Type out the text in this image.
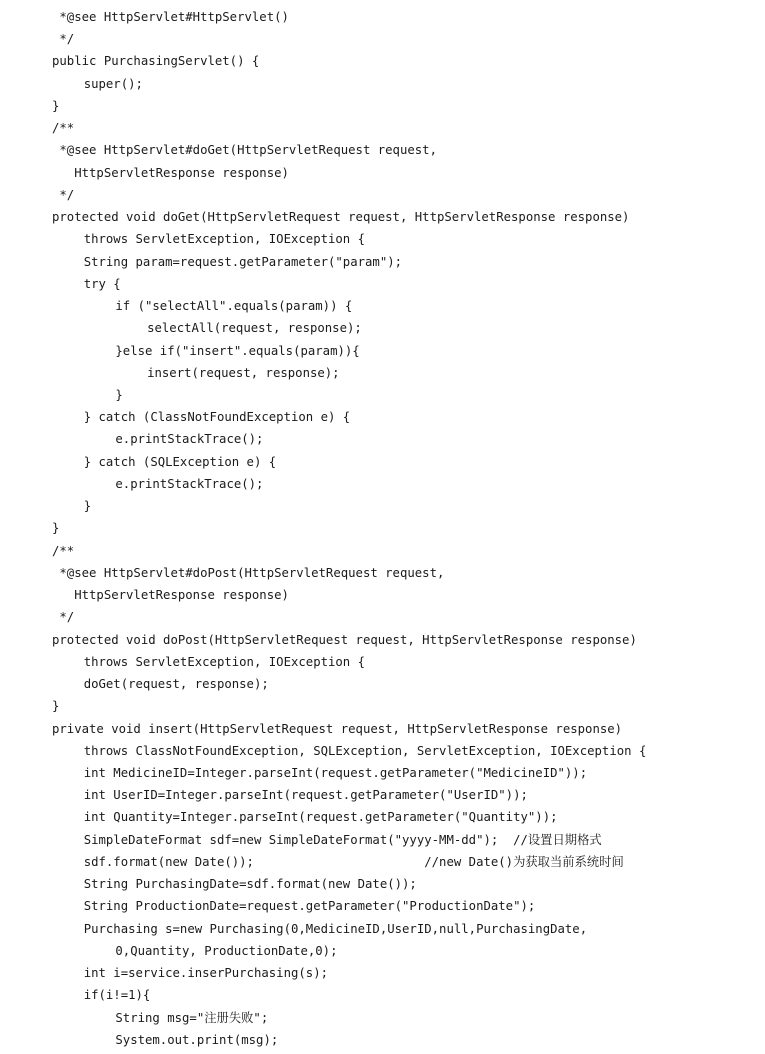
*@see HttpServlet#HttpServlet()
*/
public PurchasingServlet() {
super();
}
/**
*@see HttpServlet#doGet(HttpServletRequest request,
HttpServletResponse response)
*/
protected void doGet(HttpServletRequest request, HttpServletResponse response)
throws ServletException, IOException {
String param=request.getParameter("param");
try {
if ("selectAll".equals(param)) {
selectAll(request, response);
}else if("insert".equals(param)){
insert(request, response);
}
} catch (ClassNotFoundException e) {
e.printStackTrace();
} catch (SQLException e) {
e.printStackTrace();
}
}
/**
*@see HttpServlet#doPost(HttpServletRequest request,
HttpServletResponse response)
*/
protected void doPost(HttpServletRequest request, HttpServletResponse response)
throws ServletException, IOException {
doGet(request, response);
}
private void insert(HttpServletRequest request, HttpServletResponse response)
throws ClassNotFoundException, SQLException, ServletException, IOException {
int MedicineID=Integer.parseInt(request.getParameter("MedicineID"));
int UserID=Integer.parseInt(request.getParameter("UserID"));
int Quantity=Integer.parseInt(request.getParameter("Quantity"));
SimpleDateFormat sdf=new SimpleDateFormat("yyyy-MM-dd");  //设置日期格式
sdf.format(new Date());                       //new Date()为获取当前系统时间
String PurchasingDate=sdf.format(new Date());
String ProductionDate=request.getParameter("ProductionDate");
Purchasing s=new Purchasing(0,MedicineID,UserID,null,PurchasingDate,
0,Quantity, ProductionDate,0);
int i=service.inserPurchasing(s);
if(i!=1){
String msg="注册失败";
System.out.print(msg);
